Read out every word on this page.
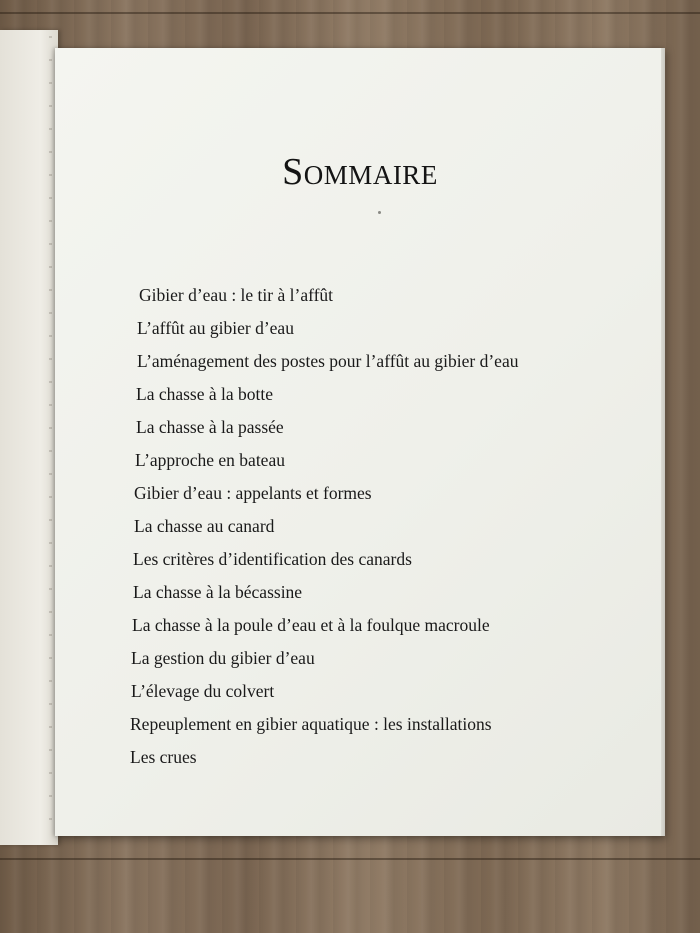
Sommaire
Gibier d’eau : le tir à l’affût
L’affût au gibier d’eau
L’aménagement des postes pour l’affût au gibier d’eau
La chasse à la botte
La chasse à la passée
L’approche en bateau
Gibier d’eau : appelants et formes
La chasse au canard
Les critères d’identification des canards
La chasse à la bécassine
La chasse à la poule d’eau et à la foulque macroule
La gestion du gibier d’eau
L’élevage du colvert
Repeuplement en gibier aquatique : les installations
Les crues
